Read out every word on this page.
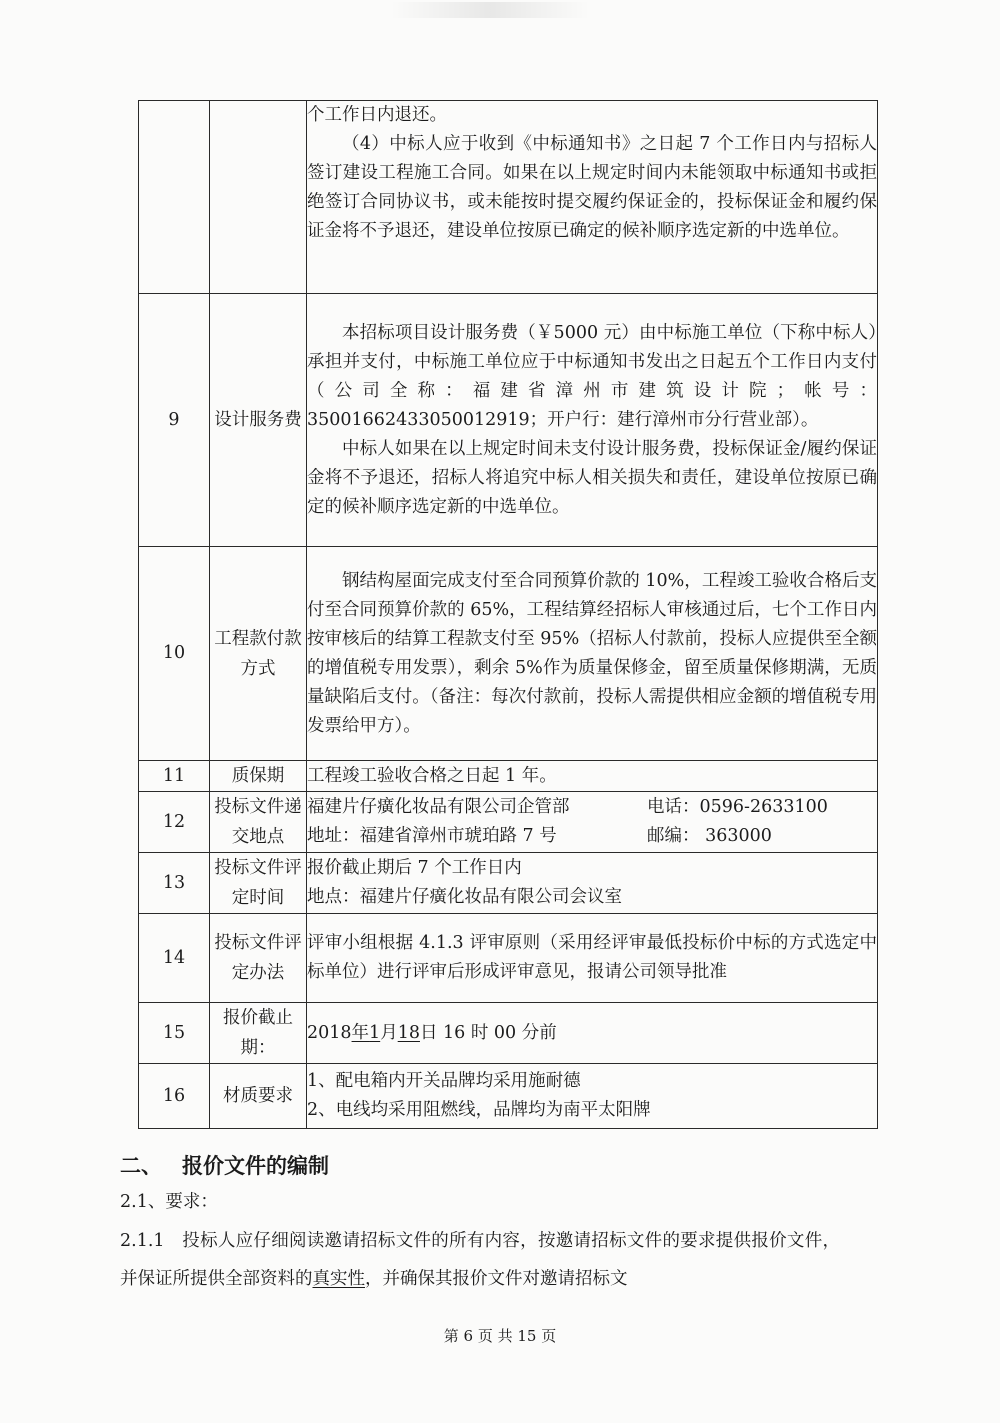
		个工作日内退还。

（4）中标人应于收到《中标通知书》之日起 7 个工作日内与招标人签订建设工程施工合同。如果在以上规定时间内未能领取中标通知书或拒绝签订合同协议书，或未能按时提交履约保证金的，投标保证金和履约保证金将不予退还，建设单位按原已确定的候补顺序选定新的中选单位。

9	设计服务费	本招标项目设计服务费（￥5000 元）由中标施工单位（下称中标人）承担并支付，中标施工单位应于中标通知书发出之日起五个工作日内支付（公司全称：福建省漳州市建筑设计院；帐号：35001662433050012919；开户行：建行漳州市分行营业部）。

中标人如果在以上规定时间未支付设计服务费，投标保证金/履约保证金将不予退还，招标人将追究中标人相关损失和责任，建设单位按原已确定的候补顺序选定新的中选单位。

10	工程款付款方式	钢结构屋面完成支付至合同预算价款的 10%，工程竣工验收合格后支付至合同预算价款的 65%，工程结算经招标人审核通过后，七个工作日内按审核后的结算工程款支付至 95%（招标人付款前，投标人应提供至全额的增值税专用发票），剩余 5%作为质量保修金，留至质量保修期满，无质量缺陷后支付。（备注：每次付款前，投标人需提供相应金额的增值税专用发票给甲方）。

11	质保期	工程竣工验收合格之日起 1 年。
12	投标文件递交地点	福建片仔癀化妆品有限公司企管部 电话：0596-2633100
地址：福建省漳州市琥珀路 7 号 邮编： 363000

13	投标文件评定时间	报价截止期后 7 个工作日内

地点：福建片仔癀化妆品有限公司会议室

14	投标文件评定办法	评审小组根据 4.1.3 评审原则（采用经评审最低投标价中标的方式选定中标单位）进行评审后形成评审意见，报请公司领导批准
15	报价截止期：	2018年1月18日 16 时 00 分前
16	材质要求	1、配电箱内开关品牌均采用施耐德

2、电线均采用阻燃线，品牌均为南平太阳牌

二、 报价文件的编制
2.1、要求：
2.1.1 投标人应仔细阅读邀请招标文件的所有内容，按邀请招标文件的要求提供报价文件，并保证所提供全部资料的真实性，并确保其报价文件对邀请招标文
第 6 页 共 15 页
